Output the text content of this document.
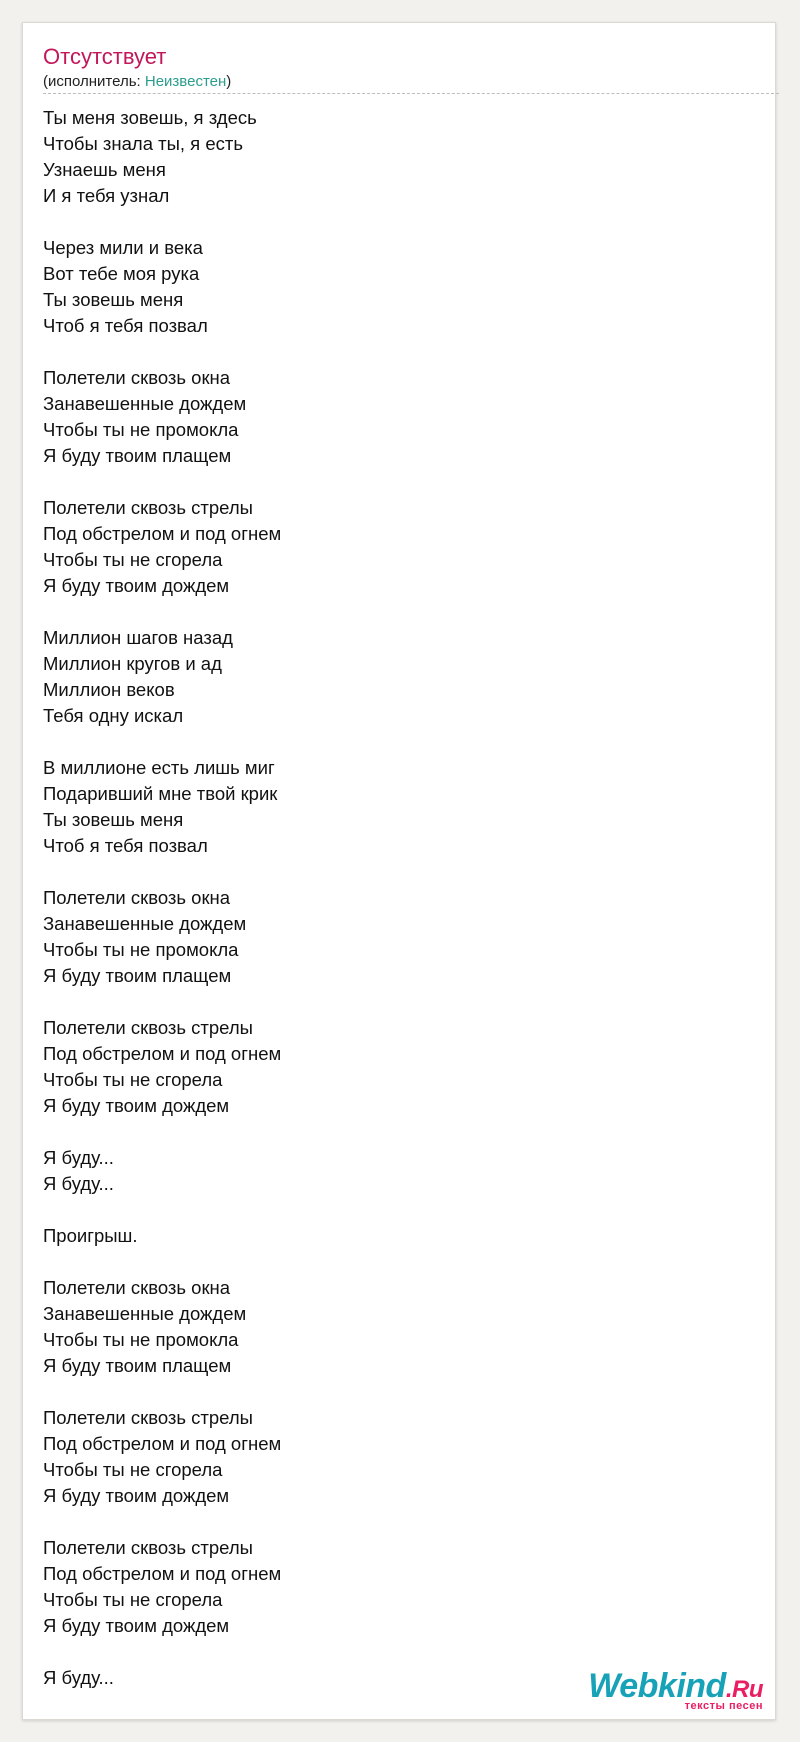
Отсутствует
(исполнитель: Неизвестен)
Ты меня зовешь, я здесь
Чтобы знала ты, я есть
Узнаешь меня
И я тебя узнал
Через мили и века
Вот тебе моя рука
Ты зовешь меня
Чтоб я тебя позвал
Полетели сквозь окна
Занавешенные дождем
Чтобы ты не промокла
Я буду твоим плащем
Полетели сквозь стрелы
Под обстрелом и под огнем
Чтобы ты не сгорела
Я буду твоим дождем
Миллион шагов назад
Миллион кругов и ад
Миллион веков
Тебя одну искал
В миллионе есть лишь миг
Подаривший мне твой крик
Ты зовешь меня
Чтоб я тебя позвал
Полетели сквозь окна
Занавешенные дождем
Чтобы ты не промокла
Я буду твоим плащем
Полетели сквозь стрелы
Под обстрелом и под огнем
Чтобы ты не сгорела
Я буду твоим дождем
Я буду...
Я буду...
Проигрыш.
Полетели сквозь окна
Занавешенные дождем
Чтобы ты не промокла
Я буду твоим плащем
Полетели сквозь стрелы
Под обстрелом и под огнем
Чтобы ты не сгорела
Я буду твоим дождем
Полетели сквозь стрелы
Под обстрелом и под огнем
Чтобы ты не сгорела
Я буду твоим дождем
Я буду...	Webkind.Ru
тексты песен
